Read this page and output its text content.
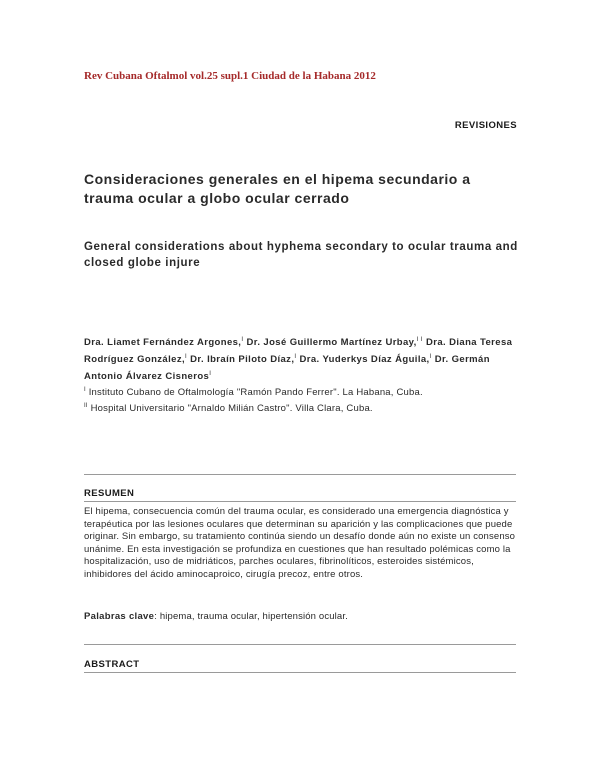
Rev Cubana Oftalmol vol.25 supl.1 Ciudad de la Habana 2012
REVISIONES
Consideraciones generales en el hipema secundario a trauma ocular a globo ocular cerrado
General considerations about hyphema secondary to ocular trauma and closed globe injure
Dra. Liamet Fernández Argones,$^I$ Dr. José Guillermo Martínez Urbay,$^{I I}$ Dra. Diana Teresa Rodríguez González,$^I$ Dr. Ibraín Piloto Díaz,$^I$ Dra. Yuderkys Díaz Águila,$^I$ Dr. Germán Antonio Álvarez Cisneros$^I$
$^I$ Instituto Cubano de Oftalmología "Ramón Pando Ferrer". La Habana, Cuba.
$^{II}$ Hospital Universitario "Arnaldo Milián Castro". Villa Clara, Cuba.
RESUMEN
El hipema, consecuencia común del trauma ocular, es considerado una emergencia diagnóstica y terapéutica por las lesiones oculares que determinan su aparición y las complicaciones que puede originar. Sin embargo, su tratamiento continúa siendo un desafío donde aún no existe un consenso unánime. En esta investigación se profundiza en cuestiones que han resultado polémicas como la hospitalización, uso de midriáticos, parches oculares, fibrinolíticos, esteroides sistémicos, inhibidores del ácido aminocaproico, cirugía precoz, entre otros.
Palabras clave: hipema, trauma ocular, hipertensión ocular.
ABSTRACT
